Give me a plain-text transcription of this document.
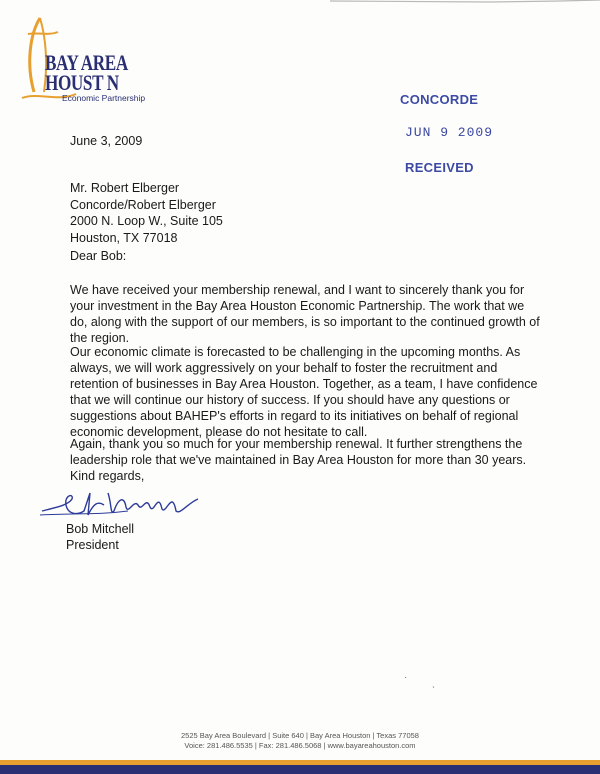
BAY AREA
HOUST N
Economic Partnership	CONCORDE
JUN 9 2009
RECEIVED
June 3, 2009
Mr. Robert Elberger
Concorde/Robert Elberger
2000 N. Loop W., Suite 105
Houston, TX 77018
Dear Bob:
We have received your membership renewal, and I want to sincerely thank you for your investment in the Bay Area Houston Economic Partnership. The work that we do, along with the support of our members, is so important to the continued growth of the region.
Our economic climate is forecasted to be challenging in the upcoming months. As always, we will work aggressively on your behalf to foster the recruitment and retention of businesses in Bay Area Houston. Together, as a team, I have confidence that we will continue our history of success. If you should have any questions or suggestions about BAHEP's efforts in regard to its initiatives on behalf of regional economic development, please do not hesitate to call.
Again, thank you so much for your membership renewal. It further strengthens the leadership role that we've maintained in Bay Area Houston for more than 30 years.
Kind regards,
Bob Mitchell
President
·
ˎ
2525 Bay Area Boulevard | Suite 640 | Bay Area Houston | Texas 77058
Voice: 281.486.5535 | Fax: 281.486.5068 | www.bayareahouston.com
